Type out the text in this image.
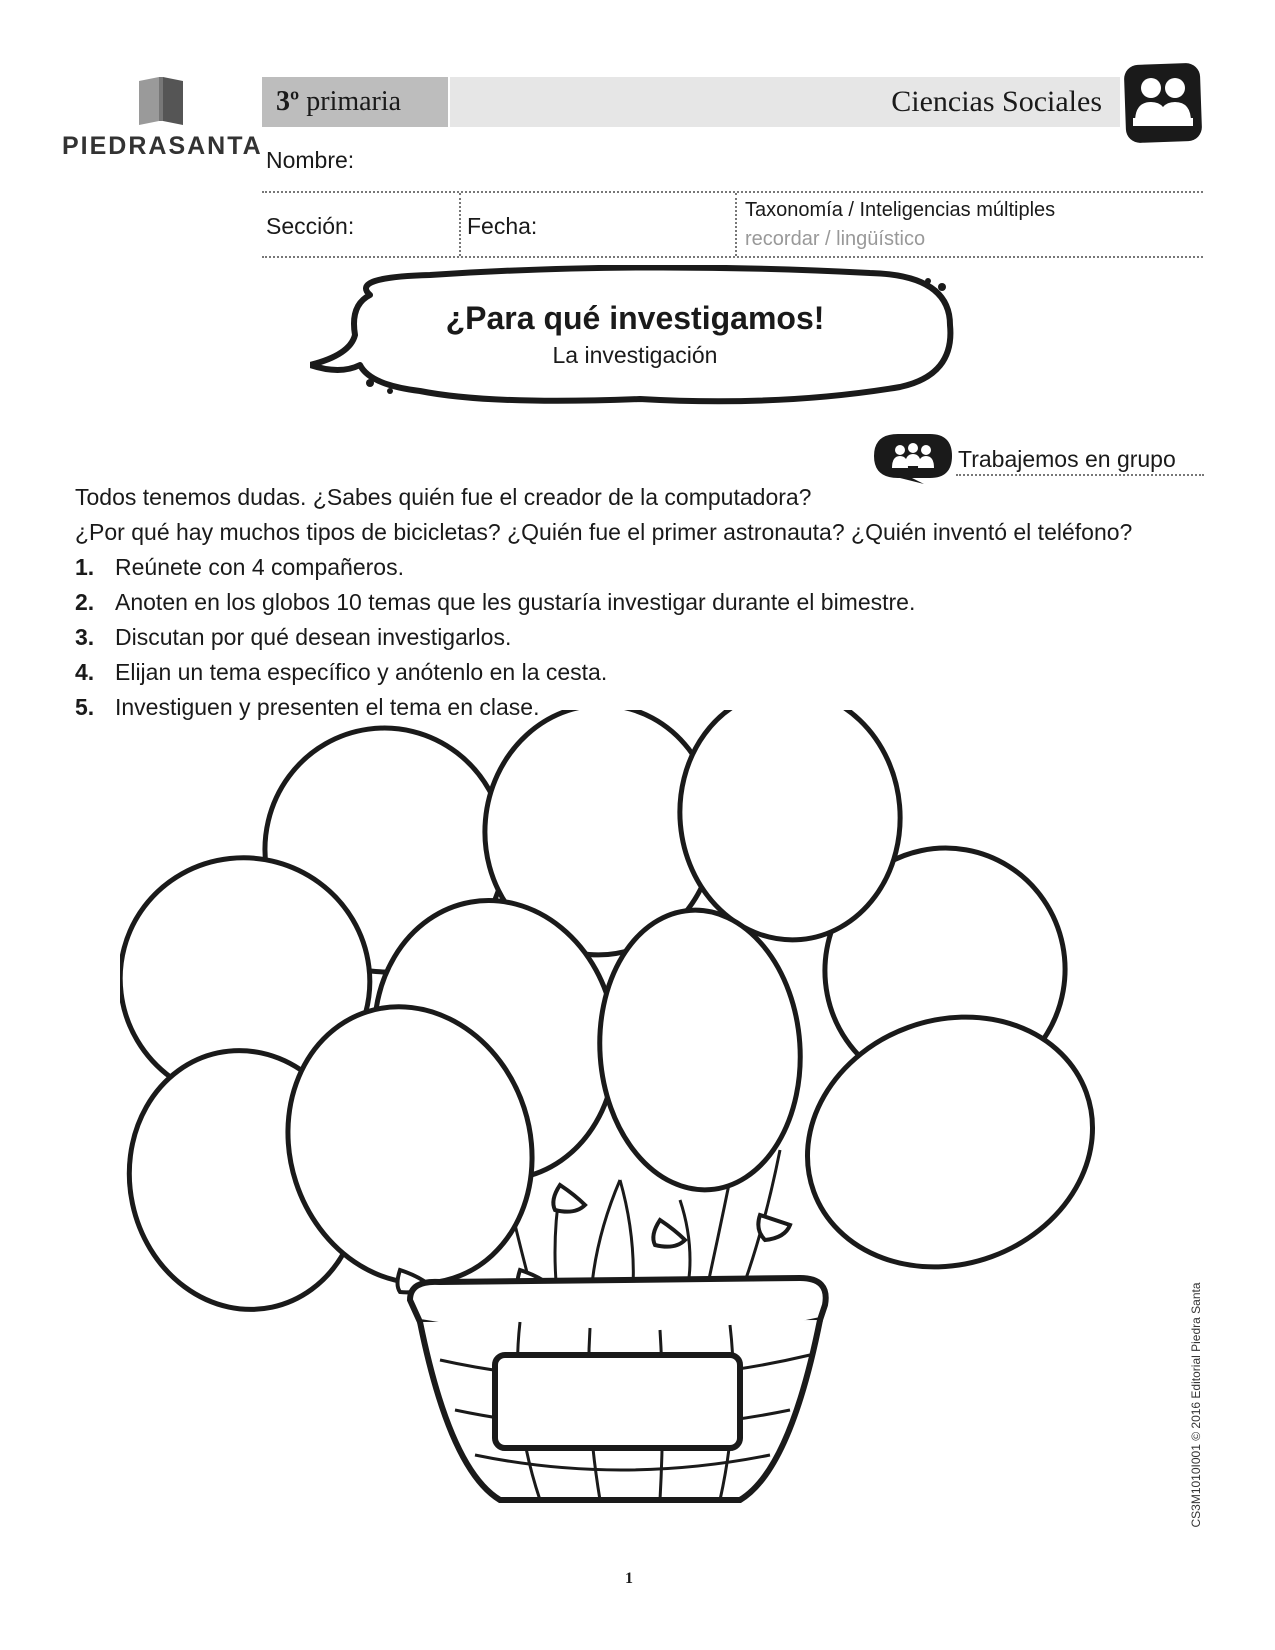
PIEDRASANTA
3º primaria	Ciencias Sociales
Nombre:
Sección:	Fecha:
Taxonomía / Inteligencias múltiples
recordar / lingüístico
¿Para qué investigamos!
La investigación
Trabajemos en grupo
Todos tenemos dudas. ¿Sabes quién fue el creador de la computadora?
¿Por qué hay muchos tipos de bicicletas? ¿Quién fue el primer astronauta? ¿Quién inventó el teléfono?
1. Reúnete con 4 compañeros.
2. Anoten en los globos 10 temas que les gustaría investigar durante el bimestre.
3. Discutan por qué desean investigarlos.
4. Elijan un tema específico y anótenlo en la cesta.
5. Investiguen y presenten el tema en clase.
1
CS3M1010I001 © 2016 Editorial Piedra Santa
